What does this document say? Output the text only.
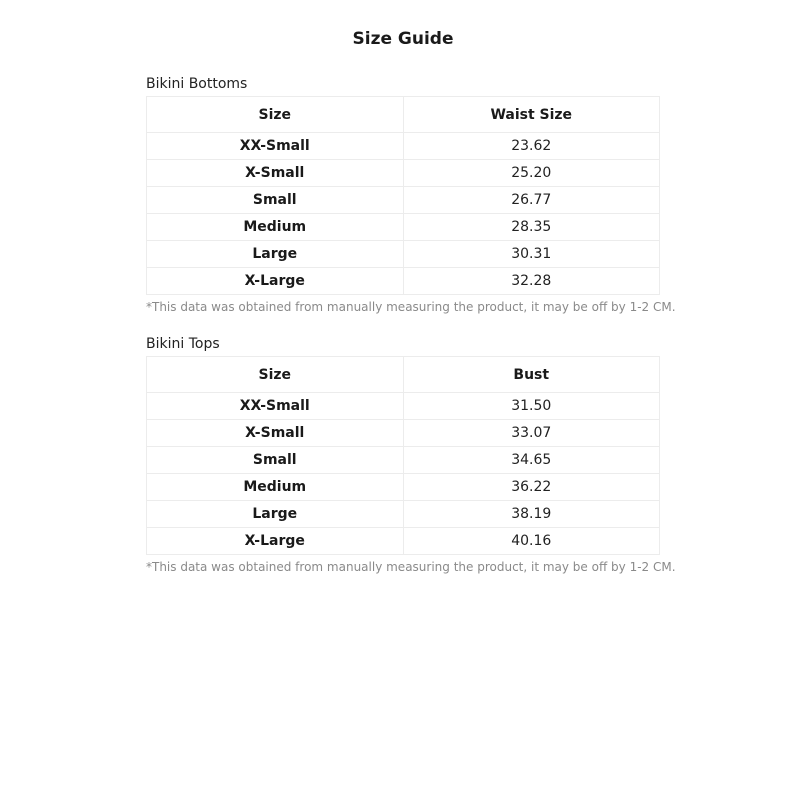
Size Guide
Bikini Bottoms
Size	Waist Size
XX-Small	23.62
X-Small	25.20
Small	26.77
Medium	28.35
Large	30.31
X-Large	32.28
*This data was obtained from manually measuring the product, it may be off by 1-2 CM.
Bikini Tops
Size	Bust
XX-Small	31.50
X-Small	33.07
Small	34.65
Medium	36.22
Large	38.19
X-Large	40.16
*This data was obtained from manually measuring the product, it may be off by 1-2 CM.
